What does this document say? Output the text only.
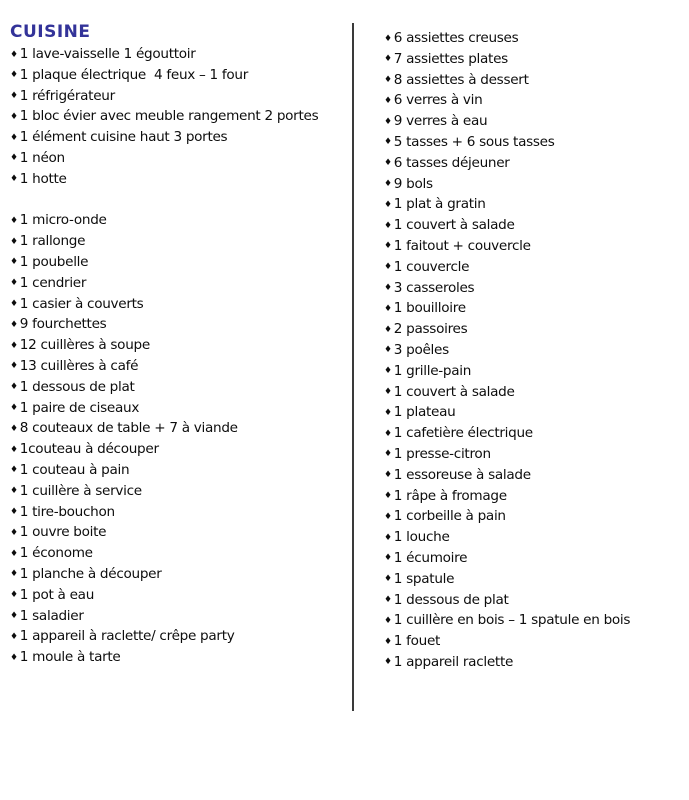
CUISINE
♦ 1 lave-vaisselle 1 égouttoir
♦ 1 plaque électrique  4 feux – 1 four
♦ 1 réfrigérateur
♦ 1 bloc évier avec meuble rangement 2 portes
♦ 1 élément cuisine haut 3 portes
♦ 1 néon
♦ 1 hotte
♦ 1 micro-onde
♦ 1 rallonge
♦ 1 poubelle
♦ 1 cendrier
♦ 1 casier à couverts
♦ 9 fourchettes
♦ 12 cuillères à soupe
♦ 13 cuillères à café
♦ 1 dessous de plat
♦ 1 paire de ciseaux
♦ 8 couteaux de table + 7 à viande
♦ 1couteau à découper
♦ 1 couteau à pain
♦ 1 cuillère à service
♦ 1 tire-bouchon
♦ 1 ouvre boite
♦ 1 économe
♦ 1 planche à découper
♦ 1 pot à eau
♦ 1 saladier
♦ 1 appareil à raclette/ crêpe party
♦ 1 moule à tarte
♦ 6 assiettes creuses
♦ 7 assiettes plates
♦ 8 assiettes à dessert
♦ 6 verres à vin
♦ 9 verres à eau
♦ 5 tasses + 6 sous tasses
♦ 6 tasses déjeuner
♦ 9 bols
♦ 1 plat à gratin
♦ 1 couvert à salade
♦ 1 faitout + couvercle
♦ 1 couvercle
♦ 3 casseroles
♦ 1 bouilloire
♦ 2 passoires
♦ 3 poêles
♦ 1 grille-pain
♦ 1 couvert à salade
♦ 1 plateau
♦ 1 cafetière électrique
♦ 1 presse-citron
♦ 1 essoreuse à salade
♦ 1 râpe à fromage
♦ 1 corbeille à pain
♦ 1 louche
♦ 1 écumoire
♦ 1 spatule
♦ 1 dessous de plat
♦ 1 cuillère en bois – 1 spatule en bois
♦ 1 fouet
♦ 1 appareil raclette
